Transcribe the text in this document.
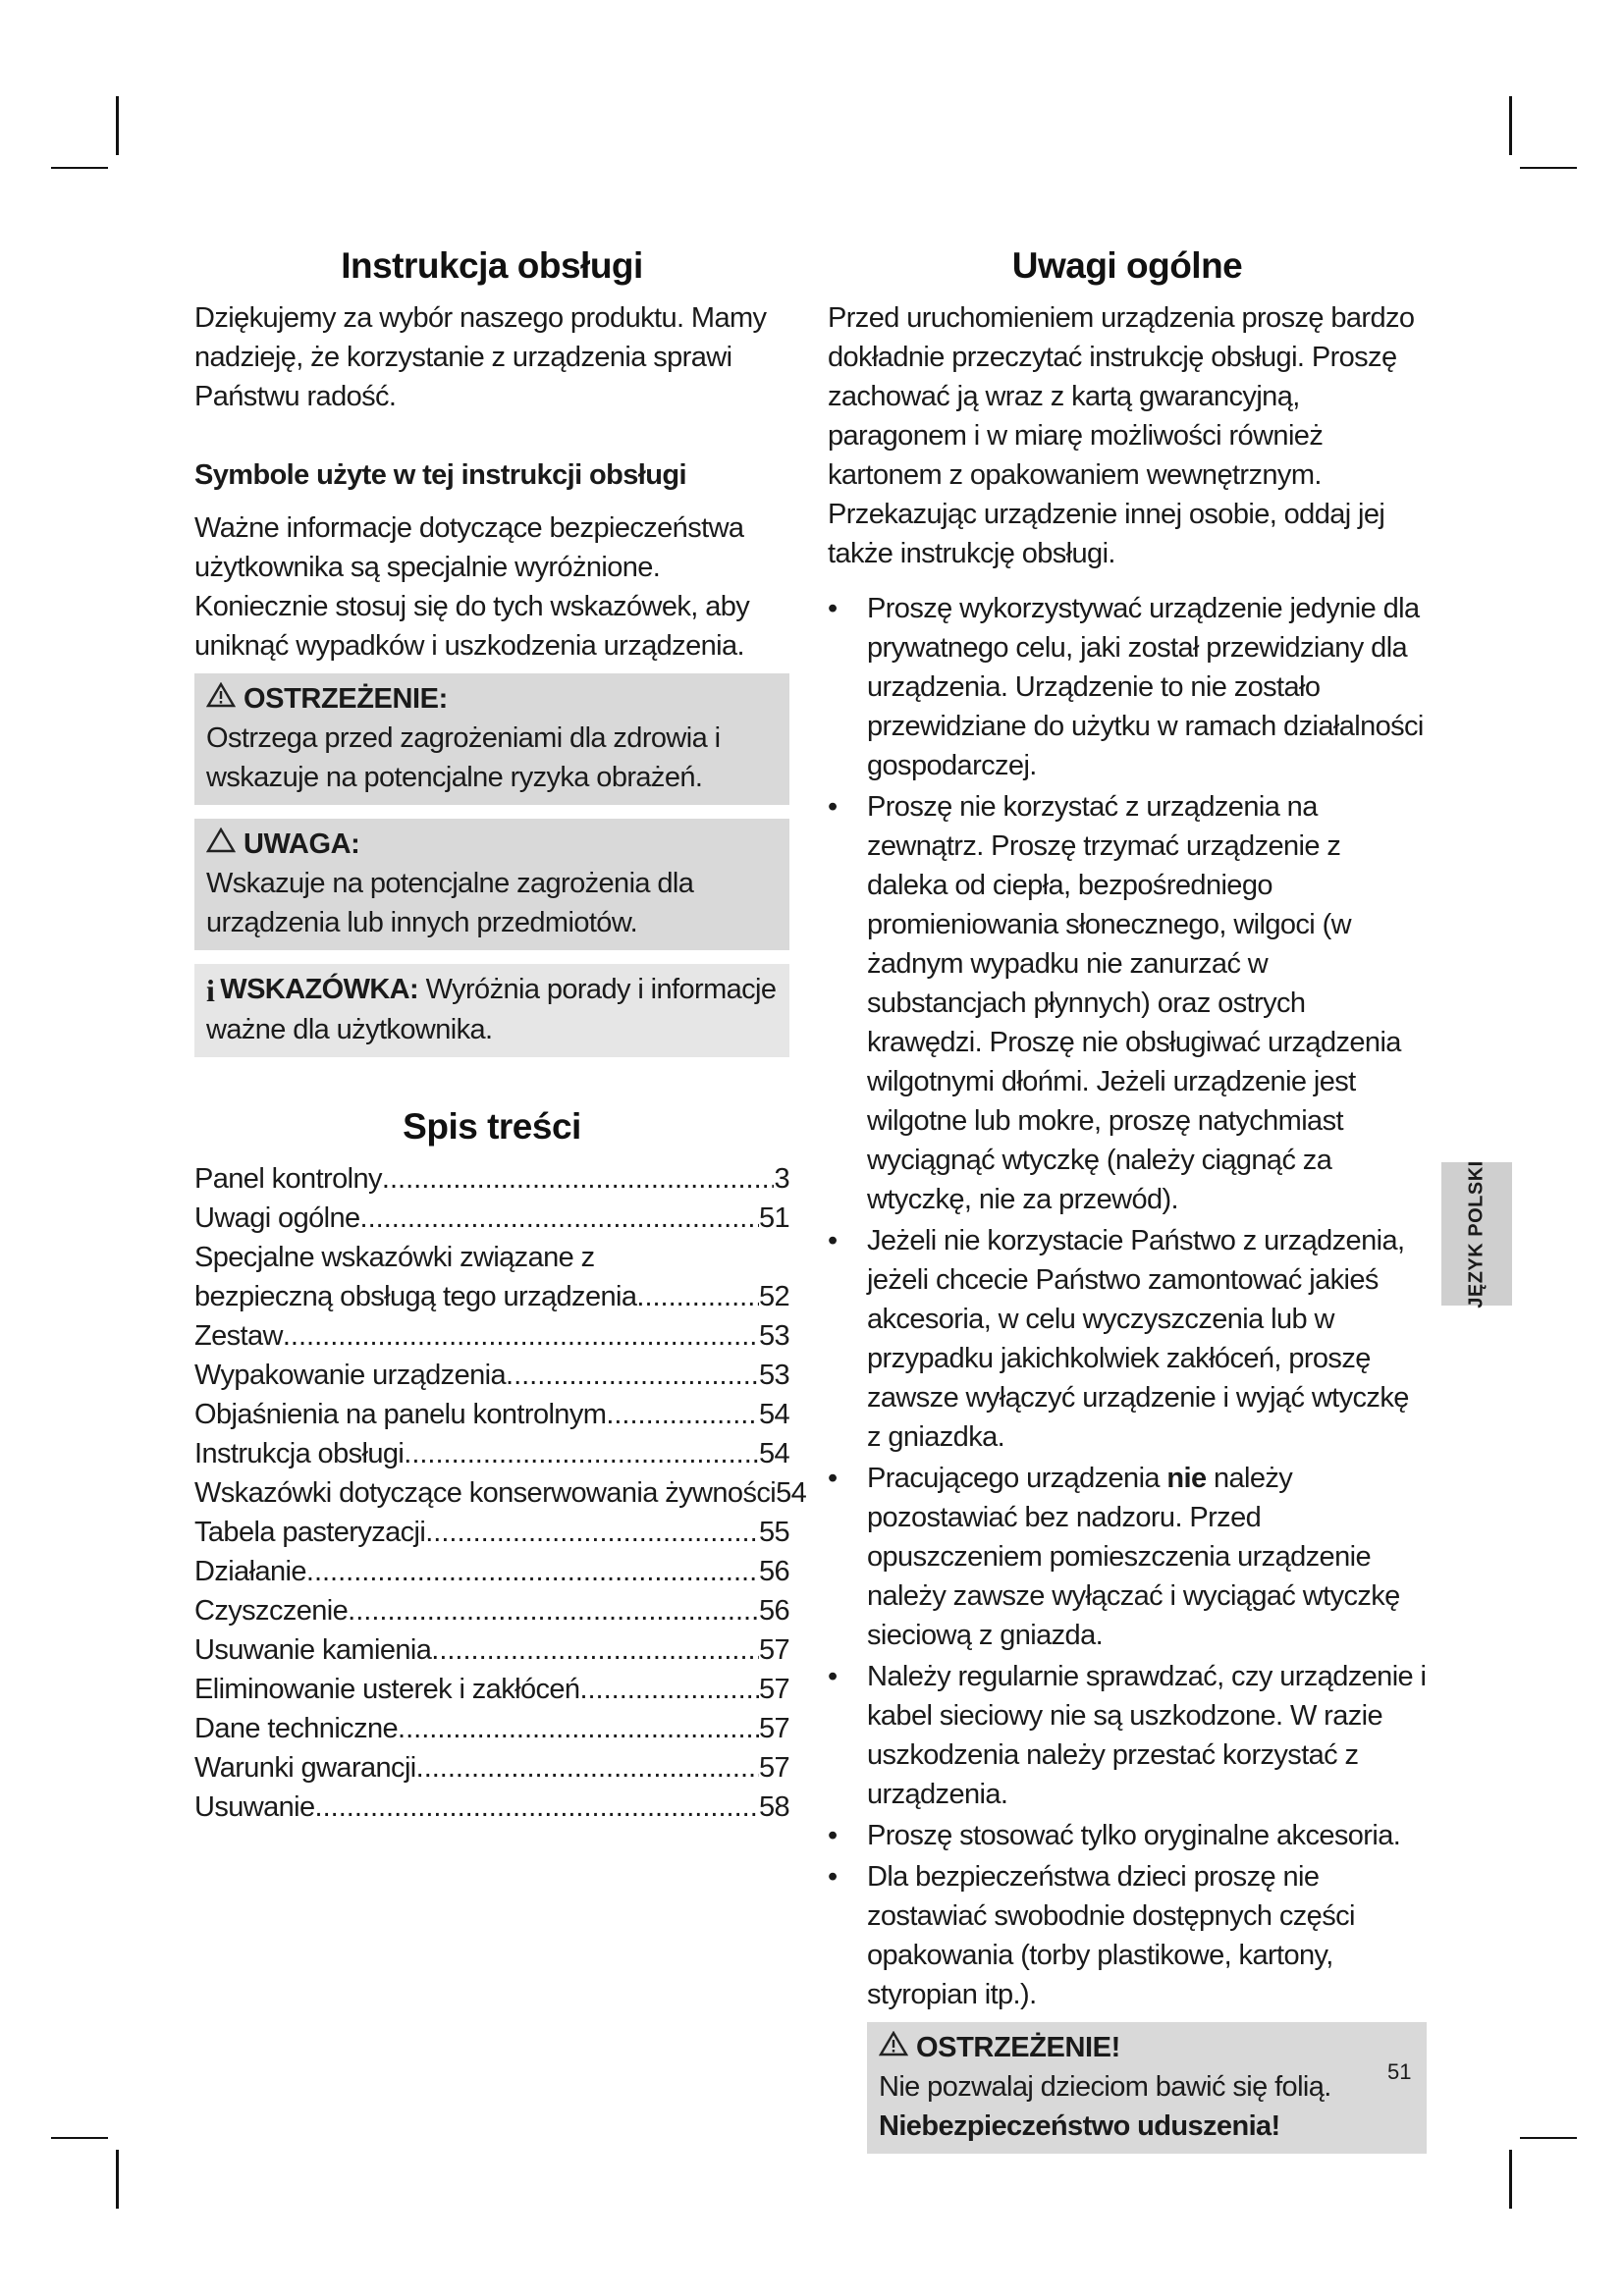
Instrukcja obsługi

Dziękujemy za wybór naszego produktu. Mamy nadzieję, że korzystanie z urządzenia sprawi Państwu radość.

Symbole użyte w tej instrukcji obsługi

Ważne informacje dotyczące bezpieczeństwa użytkownika są specjalnie wyróżnione. Koniecznie stosuj się do tych wskazówek, aby uniknąć wypadków i uszkodzenia urządzenia.

OSTRZEŻENIE:
Ostrzega przed zagrożeniami dla zdrowia i wskazuje na potencjalne ryzyka obrażeń.
UWAGA:
Wskazuje na potencjalne zagrożenia dla urządzenia lub innych przedmiotów.
i WSKAZÓWKA: Wyróżnia porady i informacje ważne dla użytkownika.
Spis treści
Panel kontrolny .....	3
Uwagi ogólne .....	51
Specjalne wskazówki związane z
bezpieczną obsługą tego urządzenia .....	52
Zestaw .....	53
Wypakowanie urządzenia .....	53
Objaśnienia na panelu kontrolnym .....	54
Instrukcja obsługi .....	54
Wskazówki dotyczące konserwowania żywności 54
Tabela pasteryzacji .....	55
Działanie .....	56
Czyszczenie .....	56
Usuwanie kamienia .....	57
Eliminowanie usterek i zakłóceń .....	57
Dane techniczne .....	57
Warunki gwarancji .....	57
Usuwanie .....	58
Uwagi ogólne

Przed uruchomieniem urządzenia proszę bardzo dokładnie przeczytać instrukcję obsługi. Proszę zachować ją wraz z kartą gwarancyjną, paragonem i w miarę możliwości również kartonem z opakowaniem wewnętrznym. Przekazując urządzenie innej osobie, oddaj jej także instrukcję obsługi.

• Proszę wykorzystywać urządzenie jedynie dla prywatnego celu, jaki został przewidziany dla urządzenia. Urządzenie to nie zostało przewidziane do użytku w ramach działalności gospodarczej.
• Proszę nie korzystać z urządzenia na zewnątrz. Proszę trzymać urządzenie z daleka od ciepła, bezpośredniego promieniowania słonecznego, wilgoci (w żadnym wypadku nie zanurzać w substancjach płynnych) oraz ostrych krawędzi. Proszę nie obsługiwać urządzenia wilgotnymi dłońmi. Jeżeli urządzenie jest wilgotne lub mokre, proszę natychmiast wyciągnąć wtyczkę (należy ciągnąć za wtyczkę, nie za przewód).
• Jeżeli nie korzystacie Państwo z urządzenia, jeżeli chcecie Państwo zamontować jakieś akcesoria, w celu wyczyszczenia lub w przypadku jakichkolwiek zakłóceń, proszę zawsze wyłączyć urządzenie i wyjąć wtyczkę z gniazdka.
• Pracującego urządzenia nie należy pozostawiać bez nadzoru. Przed opuszczeniem pomieszczenia urządzenie należy zawsze wyłączać i wyciągać wtyczkę sieciową z gniazda.
• Należy regularnie sprawdzać, czy urządzenie i kabel sieciowy nie są uszkodzone. W razie uszkodzenia należy przestać korzystać z urządzenia.
• Proszę stosować tylko oryginalne akcesoria.
• Dla bezpieczeństwa dzieci proszę nie zostawiać swobodnie dostępnych części opakowania (torby plastikowe, kartony, styropian itp.).
OSTRZEŻENIE!
Nie pozwalaj dzieciom bawić się folią. Niebezpieczeństwo uduszenia!
JĘZYK POLSKI
51
